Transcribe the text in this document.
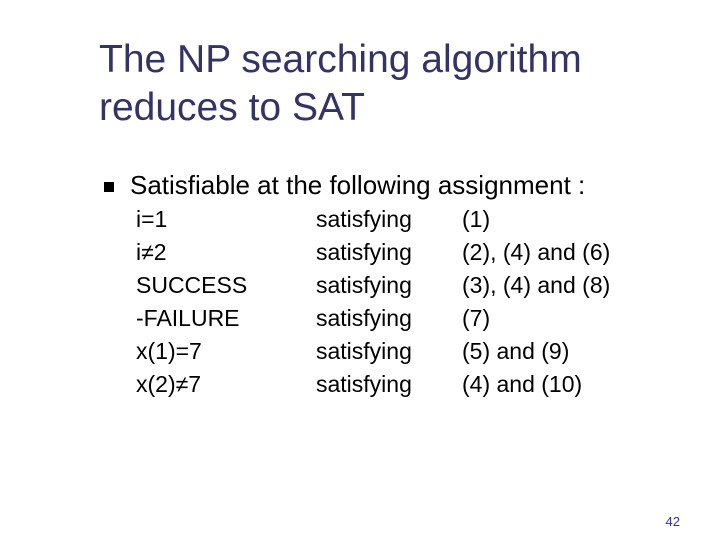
The NP searching algorithm
reduces to SAT
Satisfiable at the following assignment :
i=1	satisfying (1)
i≠2	satisfying (2), (4) and (6)
SUCCESS	satisfying (3), (4) and (8)
-FAILURE	satisfying (7)
x(1)=7	satisfying (5) and (9)
x(2)≠7	satisfying (4) and (10)
42
